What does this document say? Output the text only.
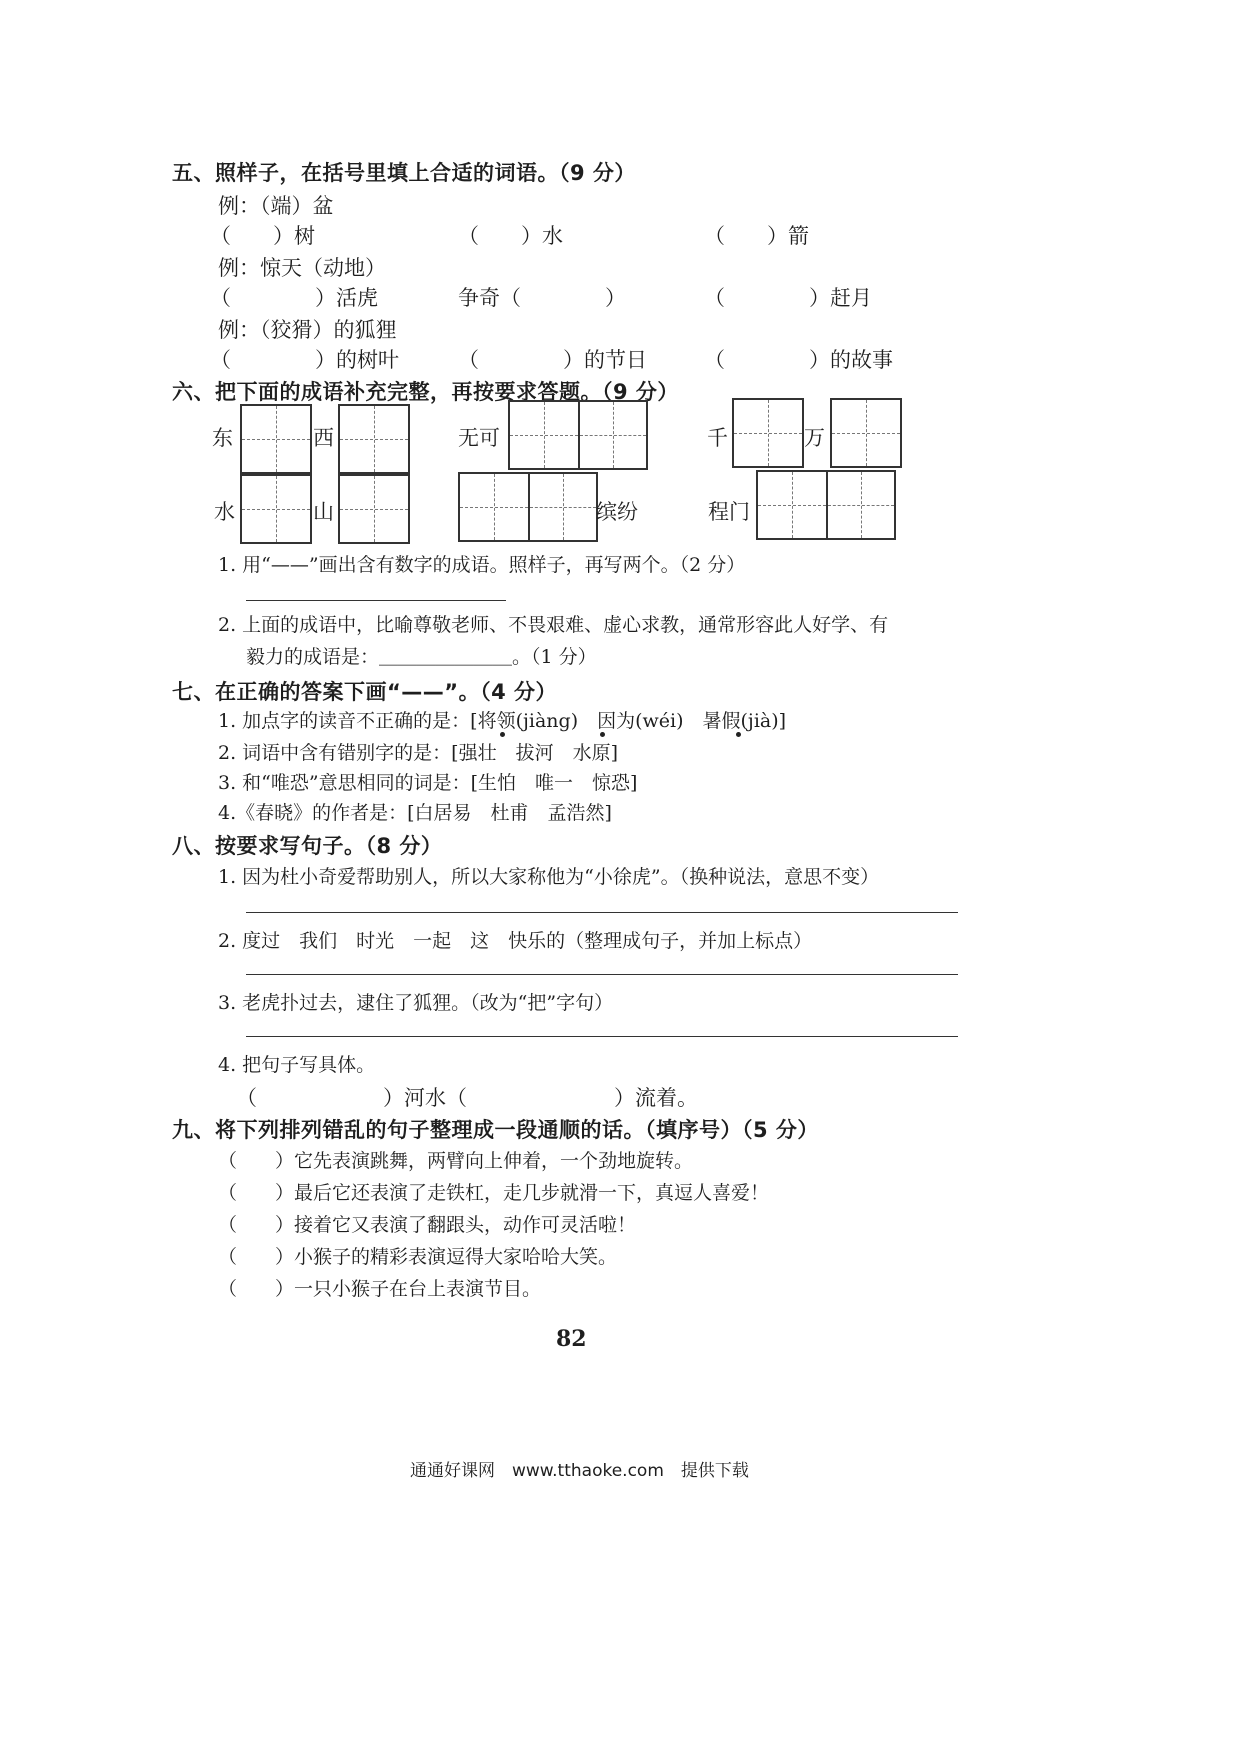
五、照样子，在括号里填上合适的词语。（9 分）
例：（端）盆
（　　）树	（　　）水	（　　）箭
例：惊天（动地）
（　　　　）活虎	争奇（　　　　）	（　　　　）赶月
例：（狡猾）的狐狸
（　　　　）的树叶	（　　　　）的节日	（　　　　）的故事
六、把下面的成语补充完整，再按要求答题。（9 分）
东	西	无可	千	万
水	山	缤纷	程门
1. 用“——”画出含有数字的成语。照样子，再写两个。（2 分）
2. 上面的成语中，比喻尊敬老师、不畏艰难、虚心求教，通常形容此人好学、有
毅力的成语是：＿＿＿＿＿＿＿。（1 分）
七、在正确的答案下画“——”。（4 分）
1. 加点字的读音不正确的是：[将领(jiàng)　因为(wéi)　暑假(jià)]
2. 词语中含有错别字的是：[强壮　拔河　水原]
3. 和“唯恐”意思相同的词是：[生怕　唯一　惊恐]
4.《春晓》的作者是：[白居易　杜甫　孟浩然]
八、按要求写句子。（8 分）
1. 因为杜小奇爱帮助别人，所以大家称他为“小徐虎”。（换种说法，意思不变）
2. 度过　我们　时光　一起　这　快乐的（整理成句子，并加上标点）
3. 老虎扑过去，逮住了狐狸。（改为“把”字句）
4. 把句子写具体。
（　　　　　　）河水（　　　　　　　）流着。
九、将下列排列错乱的句子整理成一段通顺的话。（填序号）（5 分）
（　　）它先表演跳舞，两臂向上伸着，一个劲地旋转。
（　　）最后它还表演了走铁杠，走几步就滑一下，真逗人喜爱！
（　　）接着它又表演了翻跟头，动作可灵活啦！
（　　）小猴子的精彩表演逗得大家哈哈大笑。
（　　）一只小猴子在台上表演节目。
82
通通好课网　www.tthaoke.com　提供下载
